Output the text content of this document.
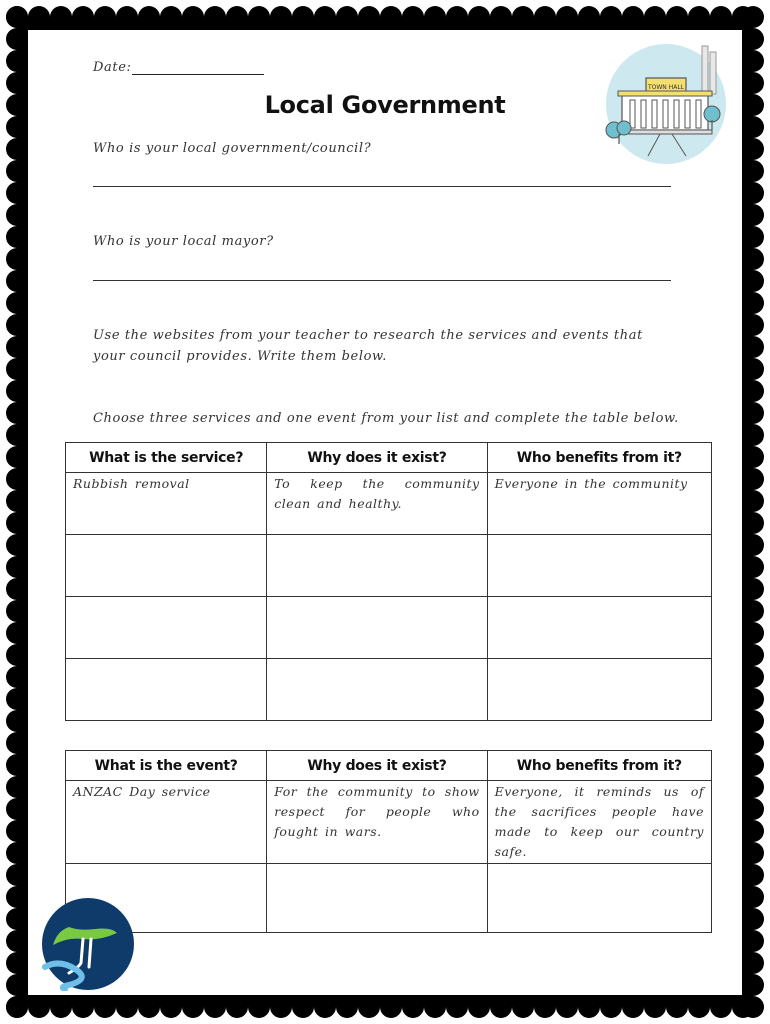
Date:
Local Government
Who is your local government/council?
Who is your local mayor?
Use the websites from your teacher to research the services and events that your council provides. Write them below.
Choose three services and one event from your list and complete the table below.
What is the service?	Why does it exist?	Who benefits from it?

Rubbish removal	To keep the community clean and healthy.	Everyone in the community

What is the event?	Why does it exist?	Who benefits from it?

ANZAC Day service	For the community to show respect for people who fought in wars.	Everyone, it reminds us of the sacrifices people have made to keep our country safe.

TOWN HALL
